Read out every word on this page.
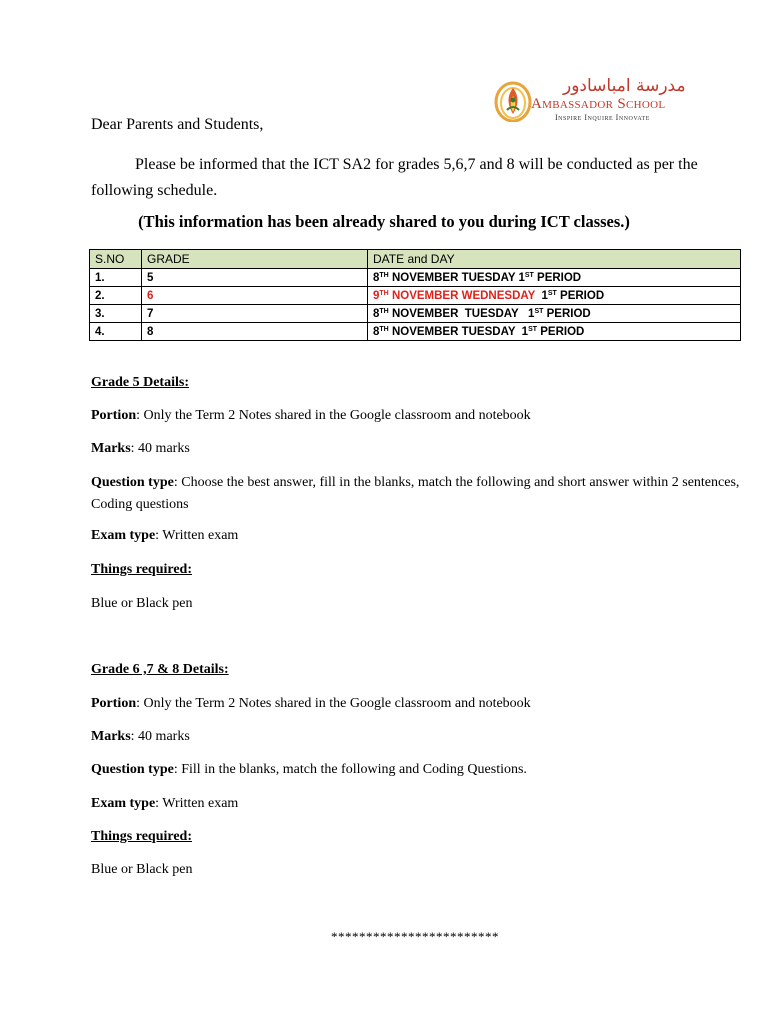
مدرسة امباسادور
Ambassador School
Inspire Inquire Innovate
Dear Parents and Students,
Please be informed that the ICT SA2 for grades 5,6,7 and 8 will be conducted as per the following schedule.
(This information has been already shared to you during ICT classes.)
S.NO	GRADE	DATE and DAY
1.	5	8TH NOVEMBER TUESDAY 1ST PERIOD
2.	6	9TH NOVEMBER WEDNESDAY  1ST PERIOD
3.	7	8TH NOVEMBER  TUESDAY   1ST PERIOD
4.	8	8TH NOVEMBER TUESDAY  1ST PERIOD
Grade 5 Details:
Portion: Only the Term 2 Notes shared in the Google classroom and notebook
Marks: 40 marks
Question type: Choose the best answer, fill in the blanks, match the following and short answer within 2 sentences, Coding questions
Exam type: Written exam
Things required:
Blue or Black pen
Grade 6 ,7 & 8 Details:
Portion: Only the Term 2 Notes shared in the Google classroom and notebook
Marks: 40 marks
Question type: Fill in the blanks, match the following and Coding Questions.
Exam type: Written exam
Things required:
Blue or Black pen
************************
